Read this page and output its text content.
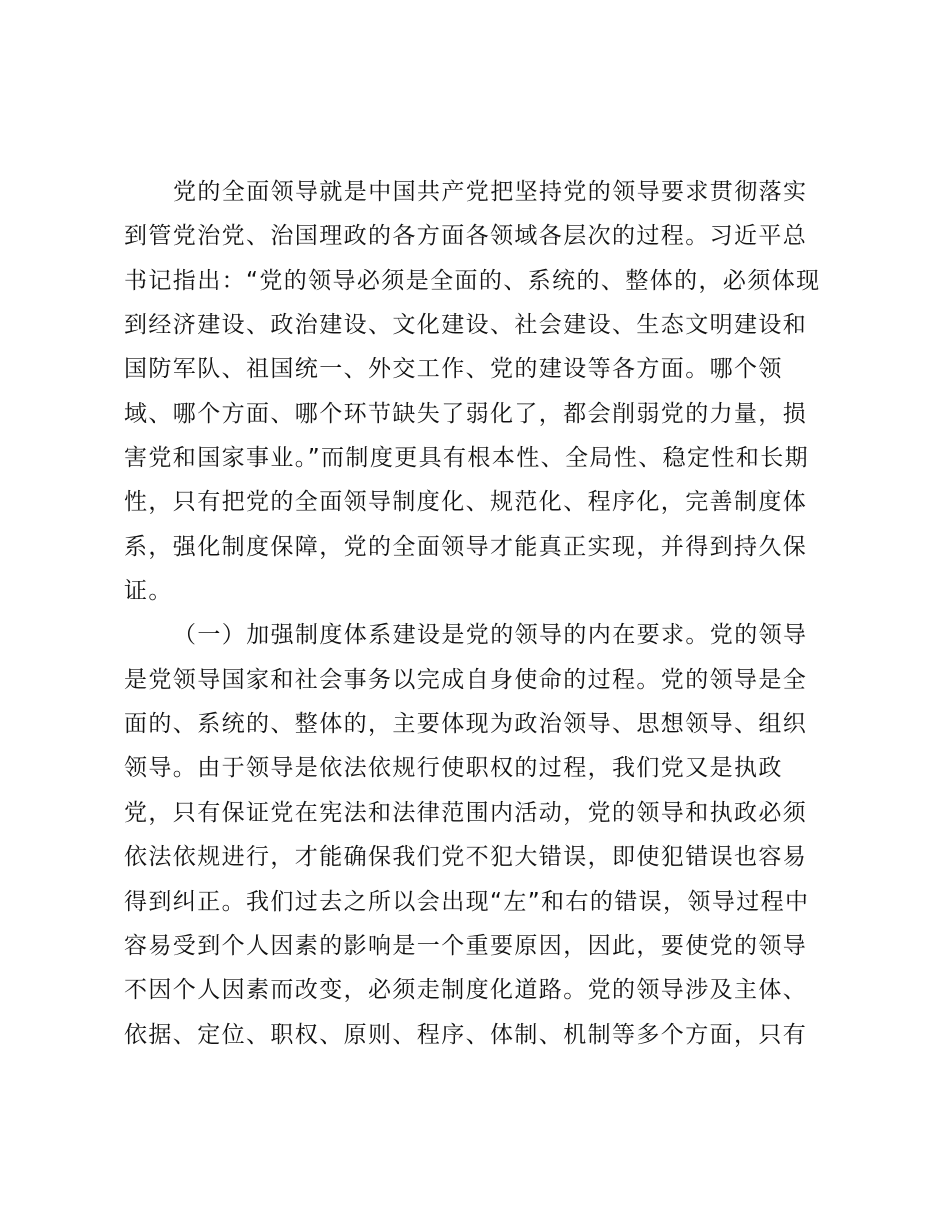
党的全面领导就是中国共产党把坚持党的领导要求贯彻落实
到管党治党、治国理政的各方面各领域各层次的过程。习近平总
书记指出：“党的领导必须是全面的、系统的、整体的，必须体现
到经济建设、政治建设、文化建设、社会建设、生态文明建设和
国防军队、祖国统一、外交工作、党的建设等各方面。哪个领
域、哪个方面、哪个环节缺失了弱化了，都会削弱党的力量，损
害党和国家事业。”而制度更具有根本性、全局性、稳定性和长期
性，只有把党的全面领导制度化、规范化、程序化，完善制度体
系，强化制度保障，党的全面领导才能真正实现，并得到持久保
证。
（一）加强制度体系建设是党的领导的内在要求。党的领导
是党领导国家和社会事务以完成自身使命的过程。党的领导是全
面的、系统的、整体的，主要体现为政治领导、思想领导、组织
领导。由于领导是依法依规行使职权的过程，我们党又是执政
党，只有保证党在宪法和法律范围内活动，党的领导和执政必须
依法依规进行，才能确保我们党不犯大错误，即使犯错误也容易
得到纠正。我们过去之所以会出现“左”和右的错误，领导过程中
容易受到个人因素的影响是一个重要原因，因此，要使党的领导
不因个人因素而改变，必须走制度化道路。党的领导涉及主体、
依据、定位、职权、原则、程序、体制、机制等多个方面，只有
